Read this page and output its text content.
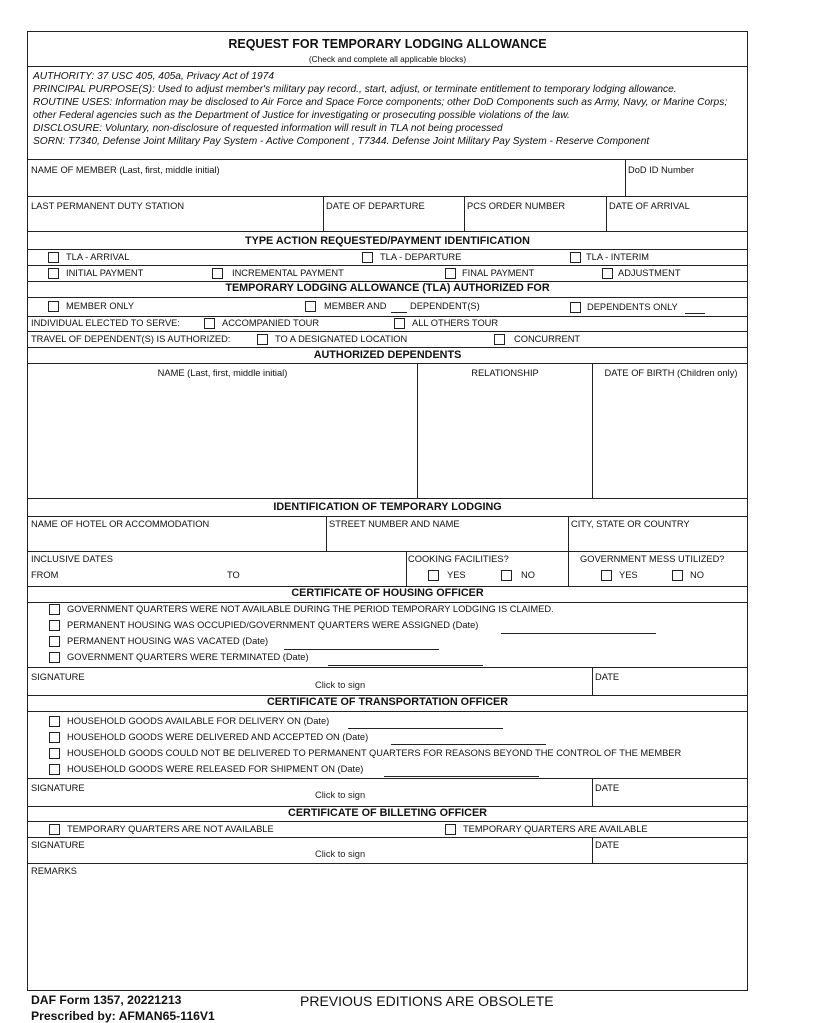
REQUEST FOR TEMPORARY LODGING ALLOWANCE
(Check and complete all applicable blocks)
AUTHORITY: 37 USC 405, 405a, Privacy Act of 1974
PRINCIPAL PURPOSE(S): Used to adjust member's military pay record., start, adjust, or terminate entitlement to temporary lodging allowance.
ROUTINE USES: Information may be disclosed to Air Force and Space Force components; other DoD Components such as Army, Navy, or Marine Corps;
other Federal agencies such as the Department of Justice for investigating or prosecuting possible violations of the law.
DISCLOSURE: Voluntary, non-disclosure of requested information will result in TLA not being processed
SORN: T7340, Defense Joint Military Pay System - Active Component , T7344. Defense Joint Military Pay System - Reserve Component
NAME OF MEMBER (Last, first, middle initial)	DoD ID Number
LAST PERMANENT DUTY STATION	DATE OF DEPARTURE	PCS ORDER NUMBER	DATE OF ARRIVAL
TYPE ACTION REQUESTED/PAYMENT IDENTIFICATION
TLA - ARRIVAL	TLA - DEPARTURE	TLA - INTERIM
INITIAL PAYMENT	INCREMENTAL PAYMENT	FINAL PAYMENT	ADJUSTMENT
TEMPORARY LODGING ALLOWANCE (TLA) AUTHORIZED FOR
MEMBER ONLY	MEMBER AND	DEPENDENT(S)	DEPENDENTS ONLY
INDIVIDUAL ELECTED TO SERVE:	ACCOMPANIED TOUR	ALL OTHERS TOUR
TRAVEL OF DEPENDENT(S) IS AUTHORIZED:	TO A DESIGNATED LOCATION	CONCURRENT
AUTHORIZED DEPENDENTS
NAME (Last, first, middle initial)	RELATIONSHIP	DATE OF BIRTH (Children only)
IDENTIFICATION OF TEMPORARY LODGING
NAME OF HOTEL OR ACCOMMODATION	STREET NUMBER AND NAME	CITY, STATE OR COUNTRY
INCLUSIVE DATES
FROM	TO
COOKING FACILITIES?
YES	NO
GOVERNMENT MESS UTILIZED?
YES	NO
CERTIFICATE OF HOUSING OFFICER
GOVERNMENT QUARTERS WERE NOT AVAILABLE DURING THE PERIOD TEMPORARY LODGING IS CLAIMED.
PERMANENT HOUSING WAS OCCUPIED/GOVERNMENT QUARTERS WERE ASSIGNED (Date)
PERMANENT HOUSING WAS VACATED (Date)
GOVERNMENT QUARTERS WERE TERMINATED (Date)
SIGNATURE
Click to sign
DATE
CERTIFICATE OF TRANSPORTATION OFFICER
HOUSEHOLD GOODS AVAILABLE FOR DELIVERY ON (Date)
HOUSEHOLD GOODS WERE DELIVERED AND ACCEPTED ON (Date)
HOUSEHOLD GOODS COULD NOT BE DELIVERED TO PERMANENT QUARTERS FOR REASONS BEYOND THE CONTROL OF THE MEMBER
HOUSEHOLD GOODS WERE RELEASED FOR SHIPMENT ON (Date)
SIGNATURE
Click to sign
DATE
CERTIFICATE OF BILLETING OFFICER
TEMPORARY QUARTERS ARE NOT AVAILABLE	TEMPORARY QUARTERS ARE AVAILABLE
SIGNATURE
Click to sign
DATE
REMARKS
DAF Form 1357, 20221213
Prescribed by: AFMAN65-116V1
PREVIOUS EDITIONS ARE OBSOLETE
